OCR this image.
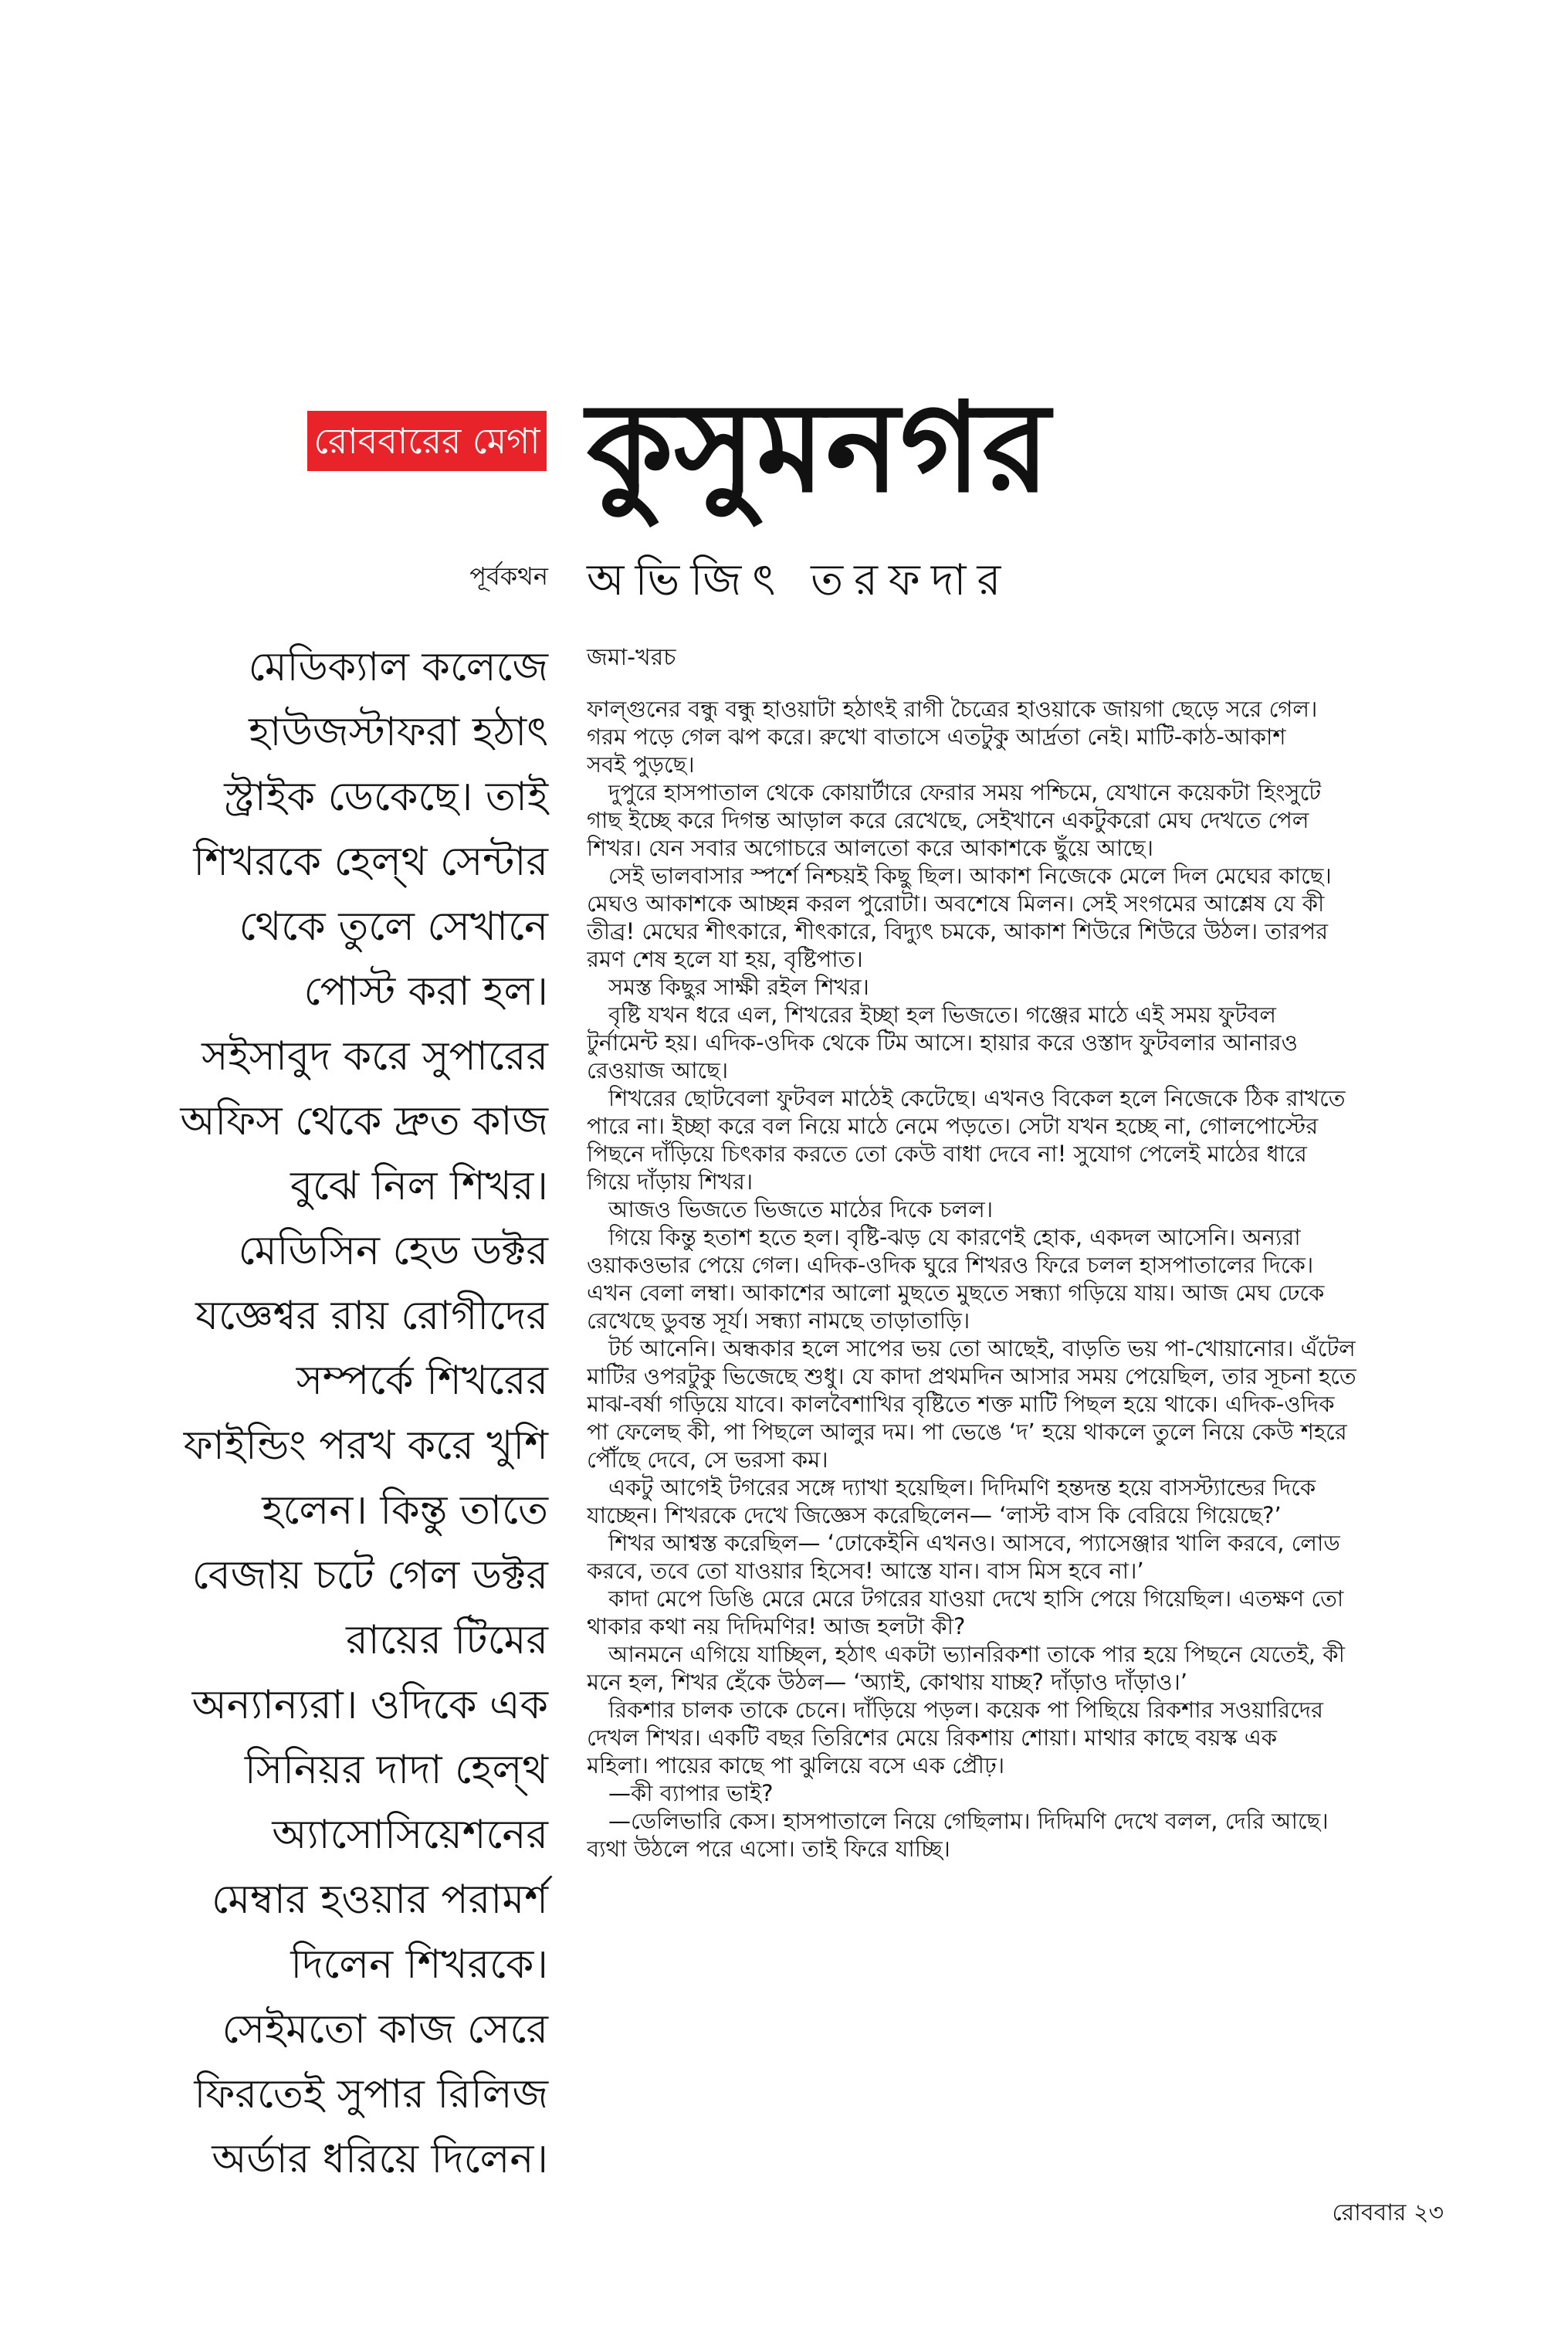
রোববারের মেগা কুসুমনগর
পূর্বকথন অভিজিৎ তরফদার
মেডিক্যাল কলেজে
হাউজস্টাফরা হঠাৎ
স্ট্রাইক ডেকেছে। তাই
শিখরকে হেল্‌থ সেন্টার
থেকে তুলে সেখানে
পোস্ট করা হল।
সইসাবুদ করে সুপারের
অফিস থেকে দ্রুত কাজ
বুঝে নিল শিখর।
মেডিসিন হেড ডক্টর
যজ্ঞেশ্বর রায় রোগীদের
সম্পর্কে শিখরের
ফাইন্ডিং পরখ করে খুশি
হলেন। কিন্তু তাতে
বেজায় চটে গেল ডক্টর
রায়ের টিমের
অন্যান্যরা। ওদিকে এক
সিনিয়র দাদা হেল্‌থ
অ্যাসোসিয়েশনের
মেম্বার হওয়ার পরামর্শ
দিলেন শিখরকে।
সেইমতো কাজ সেরে
ফিরতেই সুপার রিলিজ
অর্ডার ধরিয়ে দিলেন।
জমা-খরচ
ফাল্গুনের বন্ধু বন্ধু হাওয়াটা হঠাৎই রাগী চৈত্রের হাওয়াকে জায়গা ছেড়ে সরে গেল।
গরম পড়ে গেল ঝপ করে। রুখো বাতাসে এতটুকু আর্দ্রতা নেই। মাটি-কাঠ-আকাশ
সবই পুড়ছে।
দুপুরে হাসপাতাল থেকে কোয়ার্টারে ফেরার সময় পশ্চিমে, যেখানে কয়েকটা হিংসুটে
গাছ ইচ্ছে করে দিগন্ত আড়াল করে রেখেছে, সেইখানে একটুকরো মেঘ দেখতে পেল
শিখর। যেন সবার অগোচরে আলতো করে আকাশকে ছুঁয়ে আছে।
সেই ভালবাসার স্পর্শে নিশ্চয়ই কিছু ছিল। আকাশ নিজেকে মেলে দিল মেঘের কাছে।
মেঘও আকাশকে আচ্ছন্ন করল পুরোটা। অবশেষে মিলন। সেই সংগমের আশ্লেষ যে কী
তীব্র! মেঘের শীৎকারে, শীৎকারে, বিদ্যুৎ চমকে, আকাশ শিউরে শিউরে উঠল। তারপর
রমণ শেষ হলে যা হয়, বৃষ্টিপাত।
সমস্ত কিছুর সাক্ষী রইল শিখর।
বৃষ্টি যখন ধরে এল, শিখরের ইচ্ছা হল ভিজতে। গঞ্জের মাঠে এই সময় ফুটবল
টুর্নামেন্ট হয়। এদিক-ওদিক থেকে টিম আসে। হায়ার করে ওস্তাদ ফুটবলার আনারও
রেওয়াজ আছে।
শিখরের ছোটবেলা ফুটবল মাঠেই কেটেছে। এখনও বিকেল হলে নিজেকে ঠিক রাখতে
পারে না। ইচ্ছা করে বল নিয়ে মাঠে নেমে পড়তে। সেটা যখন হচ্ছে না, গোলপোস্টের
পিছনে দাঁড়িয়ে চিৎকার করতে তো কেউ বাধা দেবে না! সুযোগ পেলেই মাঠের ধারে
গিয়ে দাঁড়ায় শিখর।
আজও ভিজতে ভিজতে মাঠের দিকে চলল।
গিয়ে কিন্তু হতাশ হতে হল। বৃষ্টি-ঝড় যে কারণেই হোক, একদল আসেনি। অন্যরা
ওয়াকওভার পেয়ে গেল। এদিক-ওদিক ঘুরে শিখরও ফিরে চলল হাসপাতালের দিকে।
এখন বেলা লম্বা। আকাশের আলো মুছতে মুছতে সন্ধ্যা গড়িয়ে যায়। আজ মেঘ ঢেকে
রেখেছে ডুবন্ত সূর্য। সন্ধ্যা নামছে তাড়াতাড়ি।
টর্চ আনেনি। অন্ধকার হলে সাপের ভয় তো আছেই, বাড়তি ভয় পা-খোয়ানোর। এঁটেল
মাটির ওপরটুকু ভিজেছে শুধু। যে কাদা প্রথমদিন আসার সময় পেয়েছিল, তার সূচনা হতে
মাঝ-বর্ষা গড়িয়ে যাবে। কালবৈশাখির বৃষ্টিতে শক্ত মাটি পিছল হয়ে থাকে। এদিক-ওদিক
পা ফেলেছ কী, পা পিছলে আলুর দম। পা ভেঙে ‘দ’ হয়ে থাকলে তুলে নিয়ে কেউ শহরে
পৌঁছে দেবে, সে ভরসা কম।
একটু আগেই টগরের সঙ্গে দ্যাখা হয়েছিল। দিদিমণি হন্তদন্ত হয়ে বাসস্ট্যান্ডের দিকে
যাচ্ছেন। শিখরকে দেখে জিজ্ঞেস করেছিলেন— ‘লাস্ট বাস কি বেরিয়ে গিয়েছে?’
শিখর আশ্বস্ত করেছিল— ‘ঢোকেইনি এখনও। আসবে, প্যাসেঞ্জার খালি করবে, লোড
করবে, তবে তো যাওয়ার হিসেব! আস্তে যান। বাস মিস হবে না।’
কাদা মেপে ডিঙি মেরে মেরে টগরের যাওয়া দেখে হাসি পেয়ে গিয়েছিল। এতক্ষণ তো
থাকার কথা নয় দিদিমণির! আজ হলটা কী?
আনমনে এগিয়ে যাচ্ছিল, হঠাৎ একটা ভ্যানরিকশা তাকে পার হয়ে পিছনে যেতেই, কী
মনে হল, শিখর হেঁকে উঠল— ‘অ্যাই, কোথায় যাচ্ছ? দাঁড়াও দাঁড়াও।’
রিকশার চালক তাকে চেনে। দাঁড়িয়ে পড়ল। কয়েক পা পিছিয়ে রিকশার সওয়ারিদের
দেখল শিখর। একটি বছর তিরিশের মেয়ে রিকশায় শোয়া। মাথার কাছে বয়স্ক এক
মহিলা। পায়ের কাছে পা ঝুলিয়ে বসে এক প্রৌঢ়।
—কী ব্যাপার ভাই?
—ডেলিভারি কেস। হাসপাতালে নিয়ে গেছিলাম। দিদিমণি দেখে বলল, দেরি আছে।
ব্যথা উঠলে পরে এসো। তাই ফিরে যাচ্ছি।
রোববার ২৩
